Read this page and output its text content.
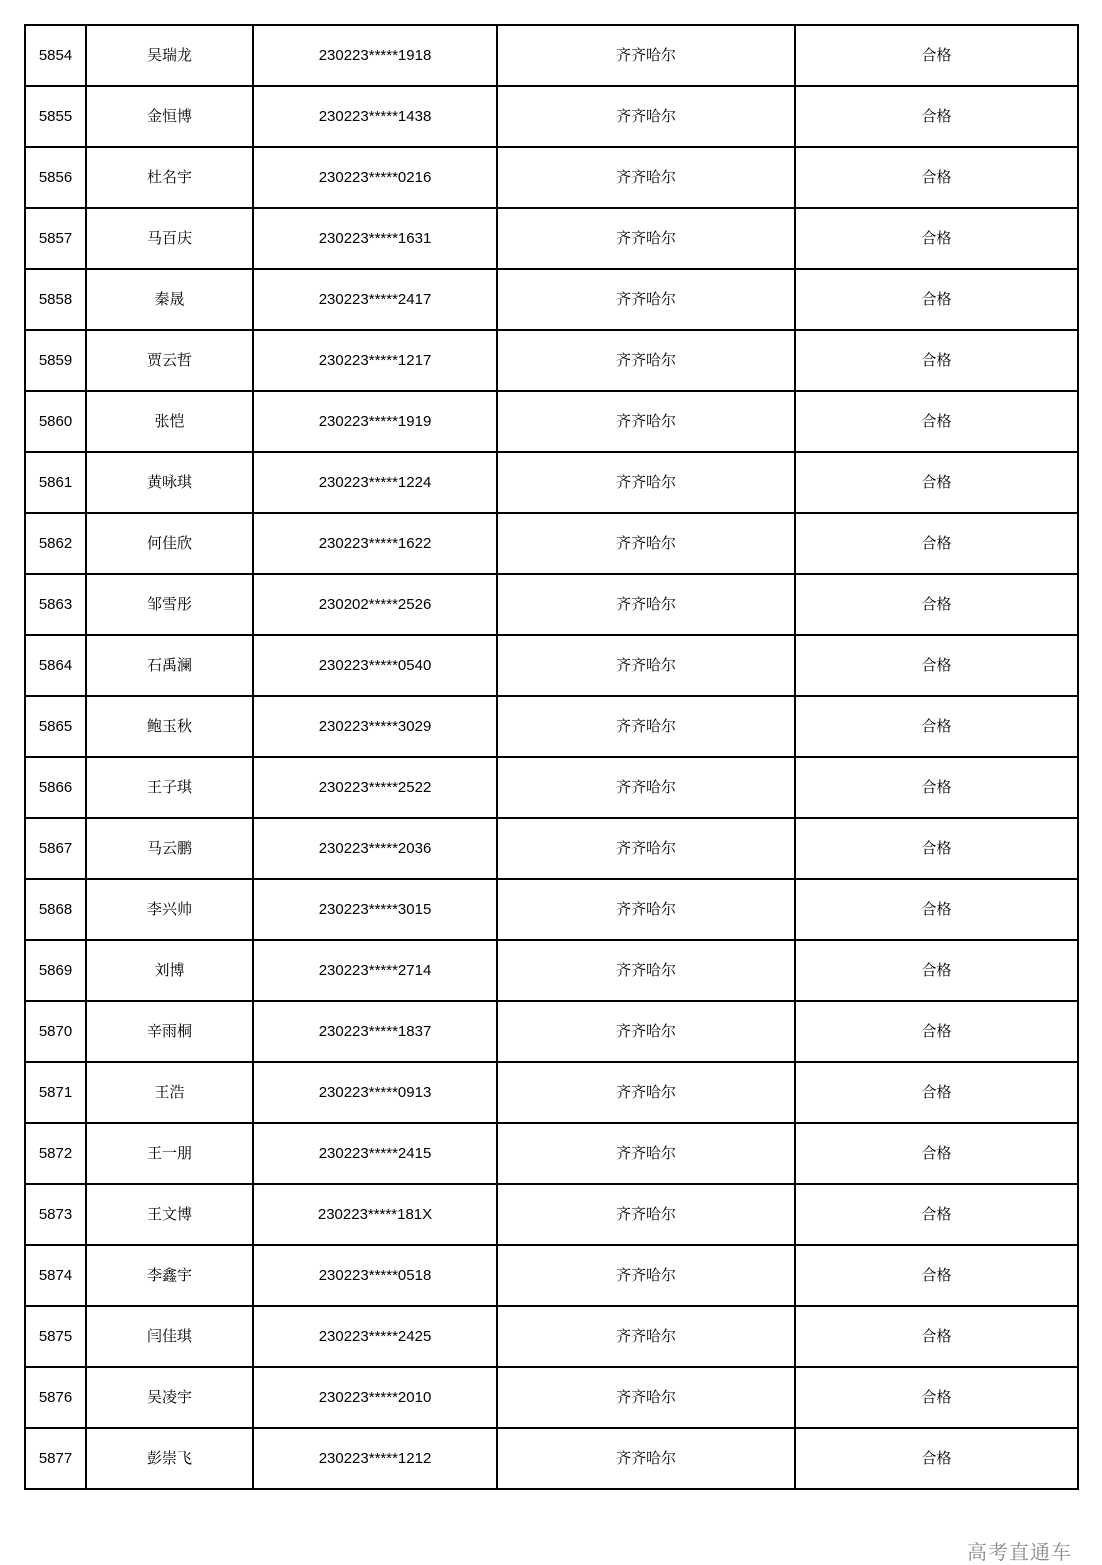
5854	吴瑞龙	230223*****1918	齐齐哈尔	合格
5855	金恒博	230223*****1438	齐齐哈尔	合格
5856	杜名宇	230223*****0216	齐齐哈尔	合格
5857	马百庆	230223*****1631	齐齐哈尔	合格
5858	秦晟	230223*****2417	齐齐哈尔	合格
5859	贾云哲	230223*****1217	齐齐哈尔	合格
5860	张恺	230223*****1919	齐齐哈尔	合格
5861	黄咏琪	230223*****1224	齐齐哈尔	合格
5862	何佳欣	230223*****1622	齐齐哈尔	合格
5863	邹雪彤	230202*****2526	齐齐哈尔	合格
5864	石禹澜	230223*****0540	齐齐哈尔	合格
5865	鲍玉秋	230223*****3029	齐齐哈尔	合格
5866	王子琪	230223*****2522	齐齐哈尔	合格
5867	马云鹏	230223*****2036	齐齐哈尔	合格
5868	李兴帅	230223*****3015	齐齐哈尔	合格
5869	刘博	230223*****2714	齐齐哈尔	合格
5870	辛雨桐	230223*****1837	齐齐哈尔	合格
5871	王浩	230223*****0913	齐齐哈尔	合格
5872	王一朋	230223*****2415	齐齐哈尔	合格
5873	王文博	230223*****181X	齐齐哈尔	合格
5874	李鑫宇	230223*****0518	齐齐哈尔	合格
5875	闫佳琪	230223*****2425	齐齐哈尔	合格
5876	吴凌宇	230223*****2010	齐齐哈尔	合格
5877	彭崇飞	230223*****1212	齐齐哈尔	合格
高考直通车
